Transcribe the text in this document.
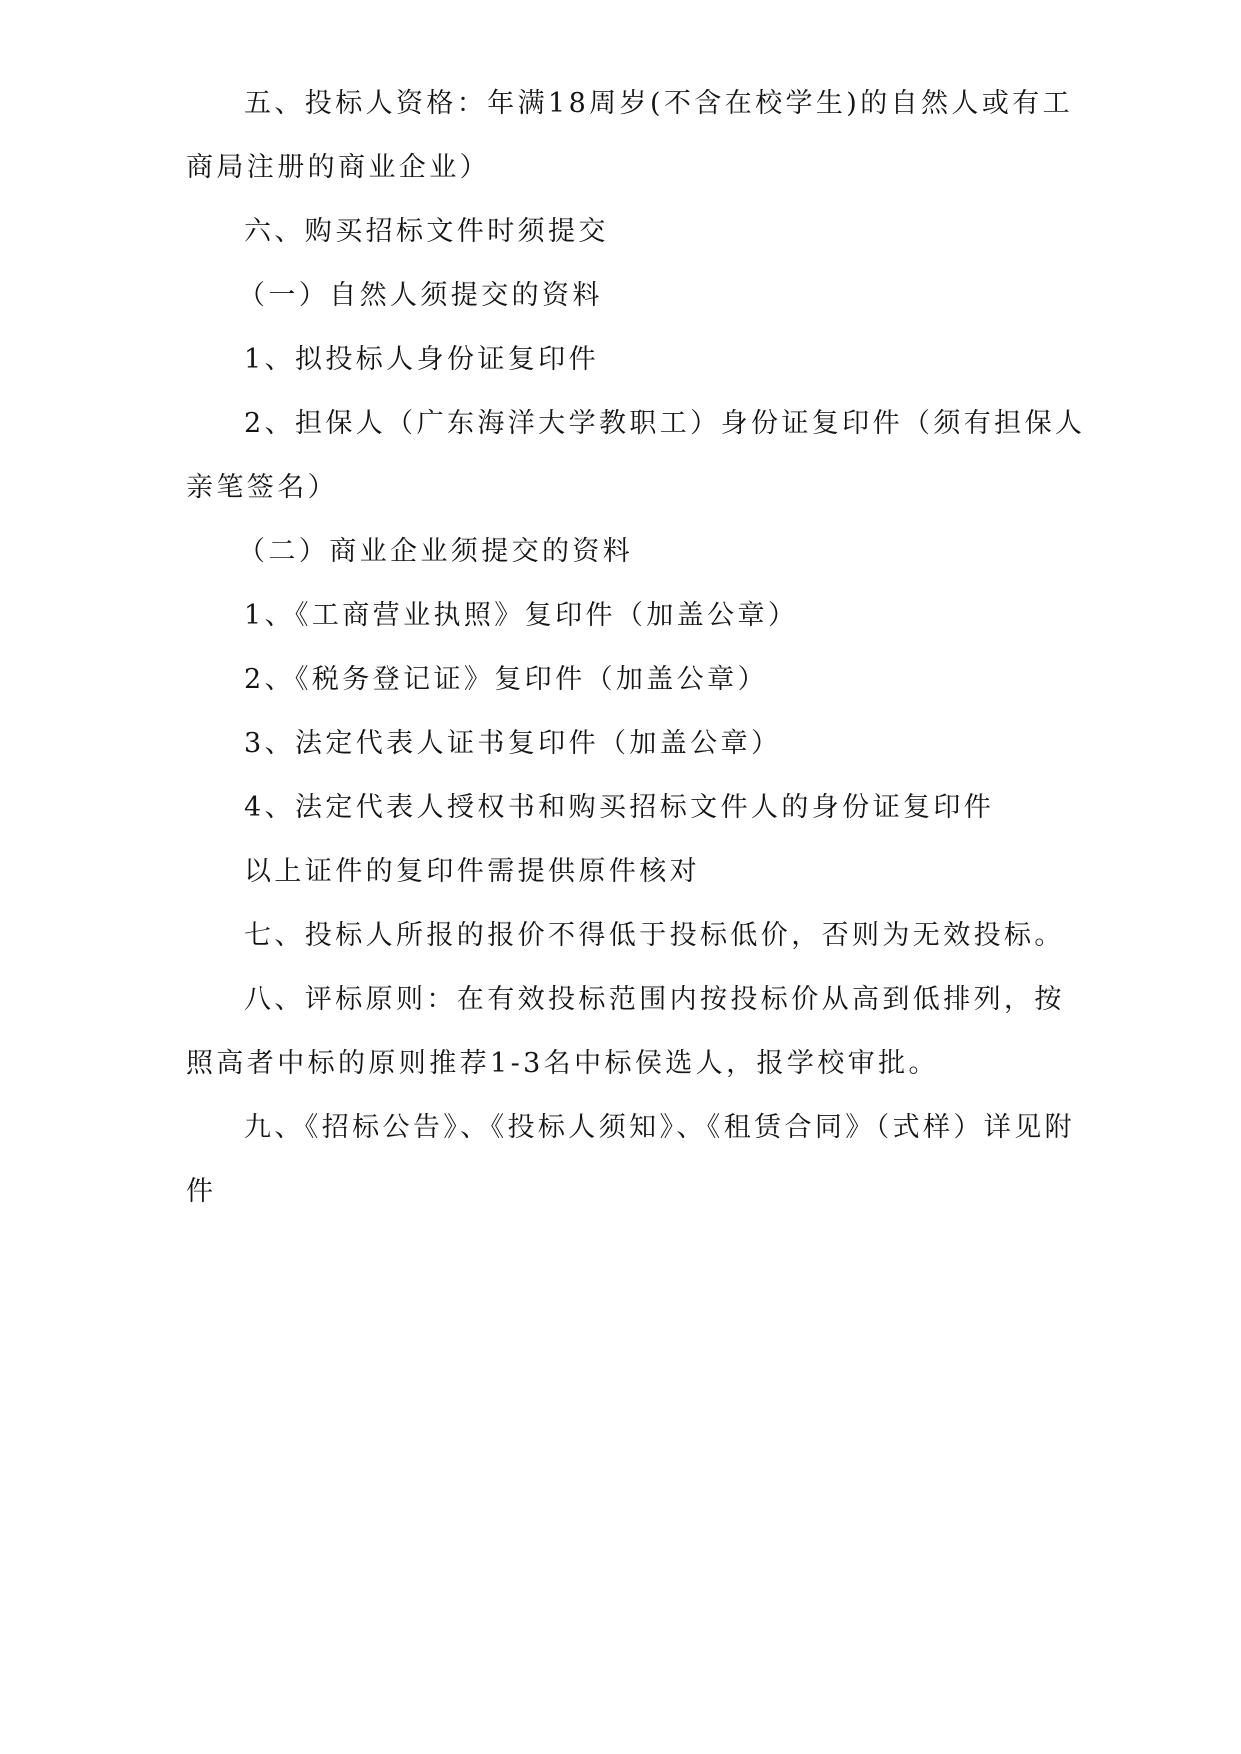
五、投标人资格：年满18周岁(不含在校学生)的自然人或有工商局注册的商业企业）

六、购买招标文件时须提交

（一）自然人须提交的资料

1、拟投标人身份证复印件

2、担保人（广东海洋大学教职工）身份证复印件（须有担保人亲笔签名）

（二）商业企业须提交的资料

1、《工商营业执照》复印件（加盖公章）

2、《税务登记证》复印件（加盖公章）

3、法定代表人证书复印件（加盖公章）

4、法定代表人授权书和购买招标文件人的身份证复印件

以上证件的复印件需提供原件核对

七、投标人所报的报价不得低于投标低价，否则为无效投标。

八、评标原则：在有效投标范围内按投标价从高到低排列，按照高者中标的原则推荐1-3名中标侯选人，报学校审批。

九、《招标公告》、《投标人须知》、《租赁合同》（式样）详见附件
